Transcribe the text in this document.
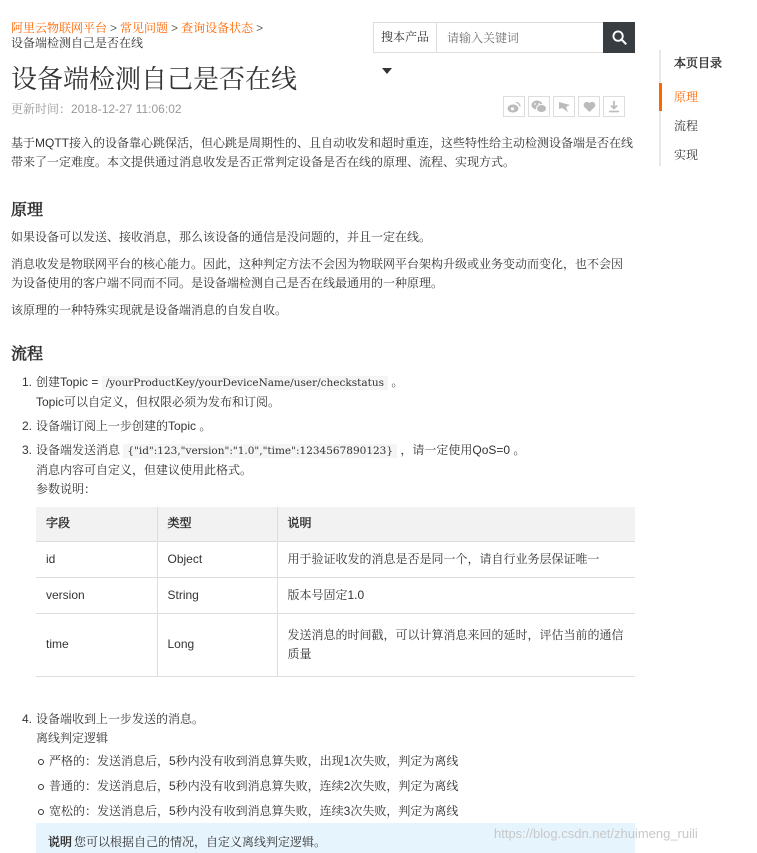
阿里云物联网平台 > 常见问题 > 查询设备状态 >
设备端检测自己是否在线	搜本产品
请输入关键词
设备端检测自己是否在线
更新时间：2018-12-27 11:06:02

基于MQTT接入的设备靠心跳保活，但心跳是周期性的、且自动收发和超时重连，这些特性给主动检测设备端是否在线带来了一定难度。本文提供通过消息收发是否正常判定设备是否在线的原理、流程、实现方式。

原理

如果设备可以发送、接收消息，那么该设备的通信是没问题的，并且一定在线。

消息收发是物联网平台的核心能力。因此，这种判定方法不会因为物联网平台架构升级或业务变动而变化，也不会因为设备使用的客户端不同而不同。是设备端检测自己是否在线最通用的一种原理。

该原理的一种特殊实现就是设备端消息的自发自收。

流程
1. 创建Topic = /yourProductKey/yourDeviceName/user/checkstatus 。
Topic可以自定义，但权限必须为发布和订阅。
2. 设备端订阅上一步创建的Topic 。
3. 设备端发送消息 {"id":123,"version":"1.0","time":1234567890123} ，请一定使用QoS=0 。
消息内容可自定义，但建议使用此格式。
参数说明：
字段	类型	说明
id	Object	用于验证收发的消息是否是同一个，请自行业务层保证唯一
version	String	版本号固定1.0
time	Long	发送消息的时间戳，可以计算消息来回的延时，评估当前的通信质量
4. 设备端收到上一步发送的消息。
离线判定逻辑
严格的：发送消息后，5秒内没有收到消息算失败，出现1次失败，判定为离线
普通的：发送消息后，5秒内没有收到消息算失败，连续2次失败，判定为离线
宽松的：发送消息后，5秒内没有收到消息算失败，连续3次失败，判定为离线
说明 您可以根据自己的情况，自定义离线判定逻辑。
本页目录
原理
流程
实现
https://blog.csdn.net/zhuimeng_ruili
